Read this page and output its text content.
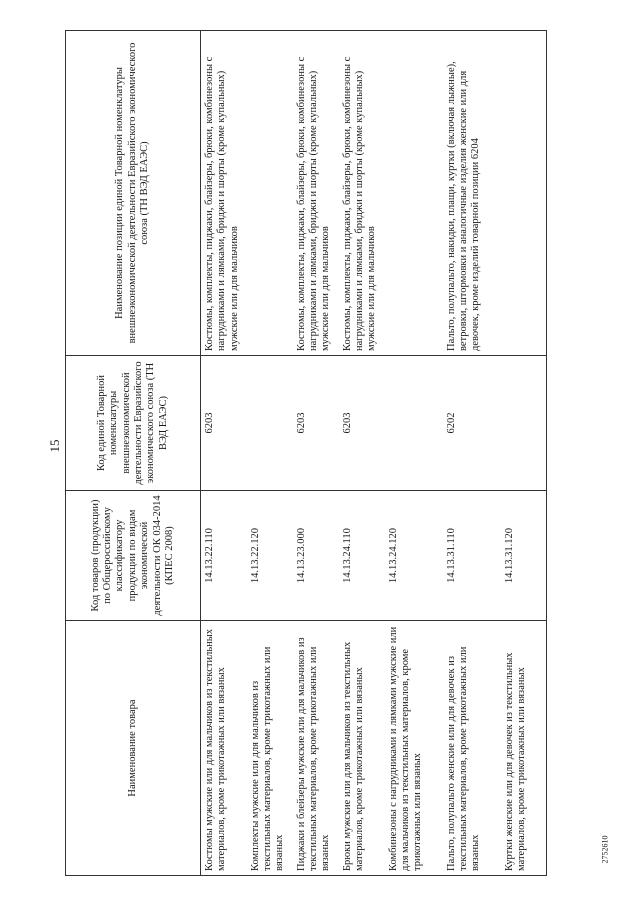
15
Наименование товара	Код товаров (продукции) по Общероссийскому классификатору продукции по видам экономической деятельности ОК 034-2014 (КПЕС 2008)	Код единой Товарной номенклатуры внешнеэкономической деятельности Евразийского экономического союза (ТН ВЭД ЕАЭС)	Наименование позиции единой Товарной номенклатуры внешнеэкономической деятельности Евразийского экономического союза (ТН ВЭД ЕАЭС)
Костюмы мужские или для мальчиков из текстильных материалов, кроме трикотажных или вязаных	14.13.22.110	6203	Костюмы, комплекты, пиджаки, блайзеры, брюки, комбинезоны с нагрудниками и лямками, бриджи и шорты (кроме купальных) мужские или для мальчиков
Комплекты мужские или для мальчиков из текстильных материалов, кроме трикотажных или вязаных	14.13.22.120		
Пиджаки и блейзеры мужские или для мальчиков из текстильных материалов, кроме трикотажных или вязаных	14.13.23.000	6203	Костюмы, комплекты, пиджаки, блайзеры, брюки, комбинезоны с нагрудниками и лямками, бриджи и шорты (кроме купальных) мужские или для мальчиков
Брюки мужские или для мальчиков из текстильных материалов, кроме трикотажных или вязаных	14.13.24.110	6203	Костюмы, комплекты, пиджаки, блайзеры, брюки, комбинезоны с нагрудниками и лямками, бриджи и шорты (кроме купальных) мужские или для мальчиков
Комбинезоны с нагрудниками и лямками мужские или для мальчиков из текстильных материалов, кроме трикотажных или вязаных	14.13.24.120		
Пальто, полупальто женские или для девочек из текстильных материалов, кроме трикотажных или вязаных	14.13.31.110	6202	Пальто, полупальто, накидки, плащи, куртки (включая лыжные), ветровки, штормовки и аналогичные изделия женские или для девочек, кроме изделий товарной позиции 6204
Куртки женские или для девочек из текстильных материалов, кроме трикотажных или вязаных	14.13.31.120		
2752610
